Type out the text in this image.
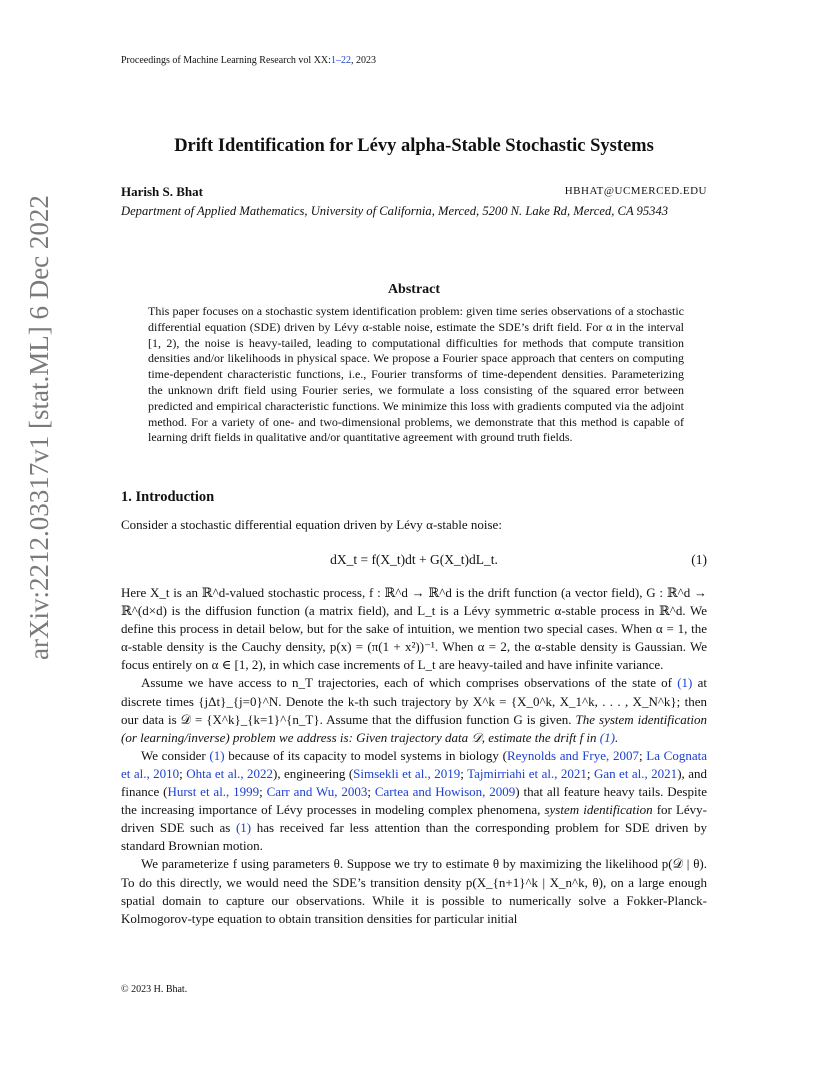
Proceedings of Machine Learning Research vol XX:1–22, 2023
arXiv:2212.03317v1 [stat.ML] 6 Dec 2022
Drift Identification for Lévy alpha-Stable Stochastic Systems
Harish S. Bhat	HBHAT@UCMERCED.EDU
Department of Applied Mathematics, University of California, Merced, 5200 N. Lake Rd, Merced, CA 95343
Abstract
This paper focuses on a stochastic system identification problem: given time series observations of a stochastic differential equation (SDE) driven by Lévy α-stable noise, estimate the SDE’s drift field. For α in the interval [1, 2), the noise is heavy-tailed, leading to computational difficulties for methods that compute transition densities and/or likelihoods in physical space. We propose a Fourier space approach that centers on computing time-dependent characteristic functions, i.e., Fourier transforms of time-dependent densities. Parameterizing the unknown drift field using Fourier series, we formulate a loss consisting of the squared error between predicted and empirical characteristic functions. We minimize this loss with gradients computed via the adjoint method. For a variety of one- and two-dimensional problems, we demonstrate that this method is capable of learning drift fields in qualitative and/or quantitative agreement with ground truth fields.
1. Introduction
Consider a stochastic differential equation driven by Lévy α-stable noise:
dX_t = f(X_t)dt + G(X_t)dL_t.	(1)

Here X_t is an ℝ^d-valued stochastic process, f : ℝ^d → ℝ^d is the drift function (a vector field), G : ℝ^d → ℝ^(d×d) is the diffusion function (a matrix field), and L_t is a Lévy symmetric α-stable process in ℝ^d. We define this process in detail below, but for the sake of intuition, we mention two special cases. When α = 1, the α-stable density is the Cauchy density, p(x) = (π(1 + x²))⁻¹. When α = 2, the α-stable density is Gaussian. We focus entirely on α ∈ [1, 2), in which case increments of L_t are heavy-tailed and have infinite variance.

Assume we have access to n_T trajectories, each of which comprises observations of the state of (1) at discrete times {jΔt}_{j=0}^N. Denote the k-th such trajectory by X^k = {X_0^k, X_1^k, . . . , X_N^k}; then our data is 𝒟 = {X^k}_{k=1}^{n_T}. Assume that the diffusion function G is given. The system identification (or learning/inverse) problem we address is: Given trajectory data 𝒟, estimate the drift f in (1).

We consider (1) because of its capacity to model systems in biology (Reynolds and Frye, 2007; La Cognata et al., 2010; Ohta et al., 2022), engineering (Simsekli et al., 2019; Tajmirriahi et al., 2021; Gan et al., 2021), and finance (Hurst et al., 1999; Carr and Wu, 2003; Cartea and Howison, 2009) that all feature heavy tails. Despite the increasing importance of Lévy processes in modeling complex phenomena, system identification for Lévy-driven SDE such as (1) has received far less attention than the corresponding problem for SDE driven by standard Brownian motion.

We parameterize f using parameters θ. Suppose we try to estimate θ by maximizing the likelihood p(𝒟 | θ). To do this directly, we would need the SDE’s transition density p(X_{n+1}^k | X_n^k, θ), on a large enough spatial domain to capture our observations. While it is possible to numerically solve a Fokker-Planck-Kolmogorov-type equation to obtain transition densities for particular initial

© 2023 H. Bhat.
